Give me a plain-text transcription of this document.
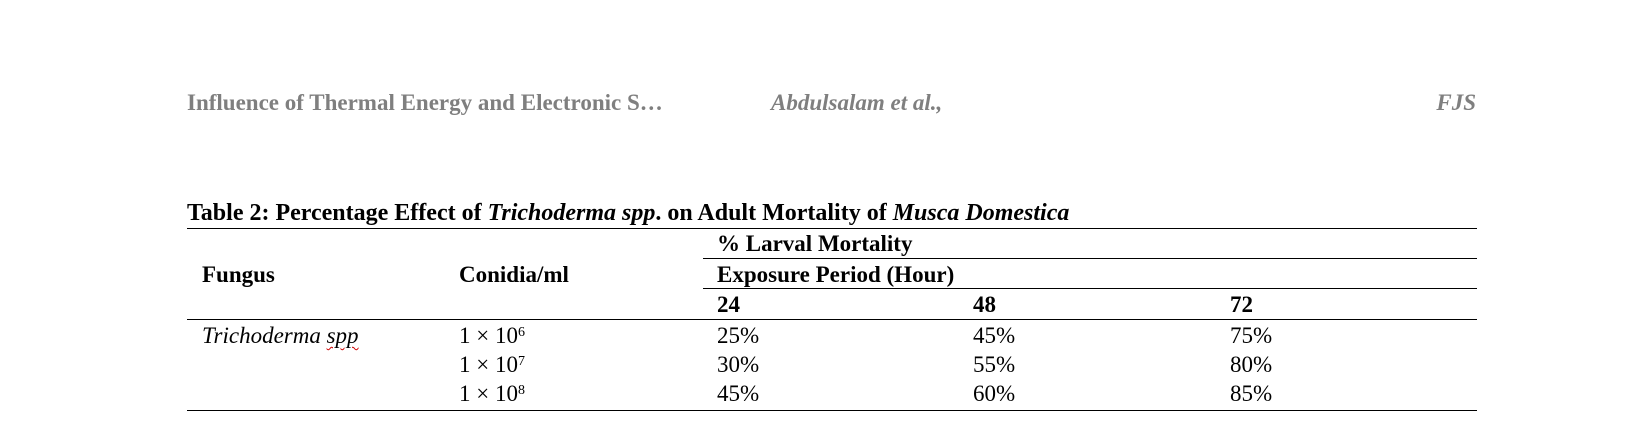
Influence of Thermal Energy and Electronic S…	Abdulsalam et al.,	FJS
Table 2: Percentage Effect of Trichoderma spp. on Adult Mortality of Musca Domestica
Fungus	Conidia/ml
% Larval Mortality
Exposure Period (Hour)
24	48	72
Trichoderma spp	$1 \times 10^6$	25%	45%	75%
$1 \times 10^7$	30%	55%	80%
$1 \times 10^8$	45%	60%	85%
